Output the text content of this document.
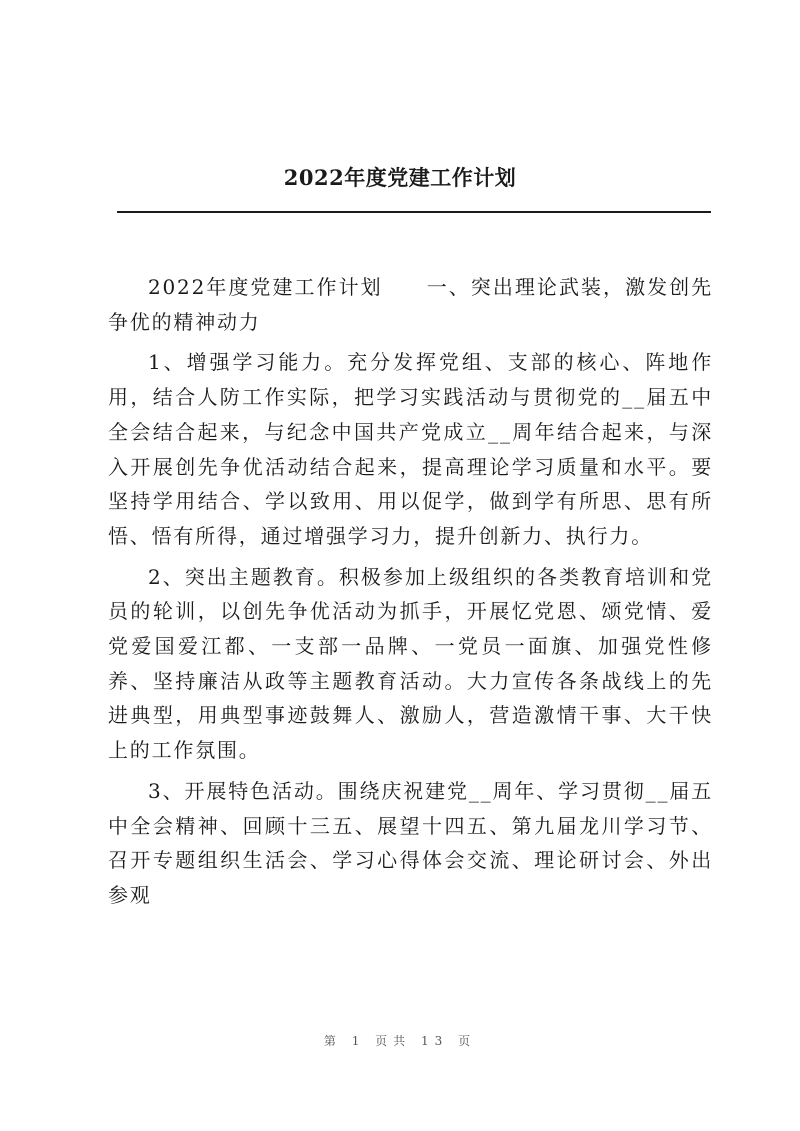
2022年度党建工作计划

2022年度党建工作计划　　一、突出理论武装，激发创先争优的精神动力

1、增强学习能力。充分发挥党组、支部的核心、阵地作用，结合人防工作实际，把学习实践活动与贯彻党的__届五中全会结合起来，与纪念中国共产党成立__周年结合起来，与深入开展创先争优活动结合起来，提高理论学习质量和水平。要坚持学用结合、学以致用、用以促学，做到学有所思、思有所悟、悟有所得，通过增强学习力，提升创新力、执行力。

2、突出主题教育。积极参加上级组织的各类教育培训和党员的轮训，以创先争优活动为抓手，开展忆党恩、颂党情、爱党爱国爱江都、一支部一品牌、一党员一面旗、加强党性修养、坚持廉洁从政等主题教育活动。大力宣传各条战线上的先进典型，用典型事迹鼓舞人、激励人，营造激情干事、大干快上的工作氛围。

3、开展特色活动。围绕庆祝建党__周年、学习贯彻__届五中全会精神、回顾十三五、展望十四五、第九届龙川学习节、召开专题组织生活会、学习心得体会交流、理论研讨会、外出参观

第 1 页共 13 页
